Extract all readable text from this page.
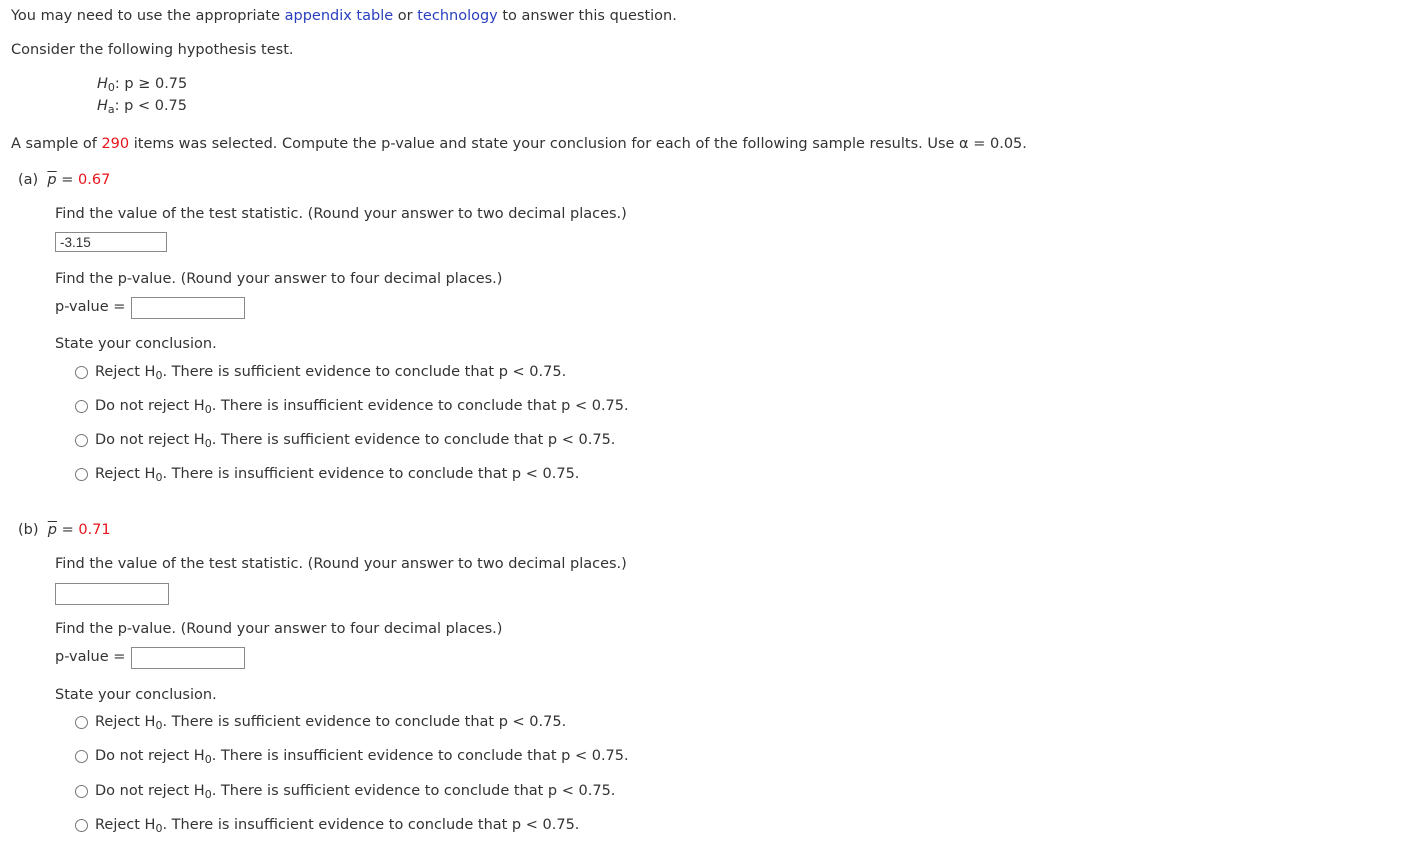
You may need to use the appropriate appendix table or technology to answer this question.
Consider the following hypothesis test.
$H_0$: p ≥ 0.75
$H_a$: p < 0.75
A sample of 290 items was selected. Compute the p-value and state your conclusion for each of the following sample results. Use α = 0.05.
(a) $\overline{p} = 0.67$
Find the value of the test statistic. (Round your answer to two decimal places.)
-3.15
Find the p-value. (Round your answer to four decimal places.)
p-value =
State your conclusion.
Reject $H_0$. There is sufficient evidence to conclude that p < 0.75.
Do not reject $H_0$. There is insufficient evidence to conclude that p < 0.75.
Do not reject $H_0$. There is sufficient evidence to conclude that p < 0.75.
Reject $H_0$. There is insufficient evidence to conclude that p < 0.75.
(b) $\overline{p} = 0.71$
Find the value of the test statistic. (Round your answer to two decimal places.)
Find the p-value. (Round your answer to four decimal places.)
p-value =
State your conclusion.
Reject $H_0$. There is sufficient evidence to conclude that p < 0.75.
Do not reject $H_0$. There is insufficient evidence to conclude that p < 0.75.
Do not reject $H_0$. There is sufficient evidence to conclude that p < 0.75.
Reject $H_0$. There is insufficient evidence to conclude that p < 0.75.
